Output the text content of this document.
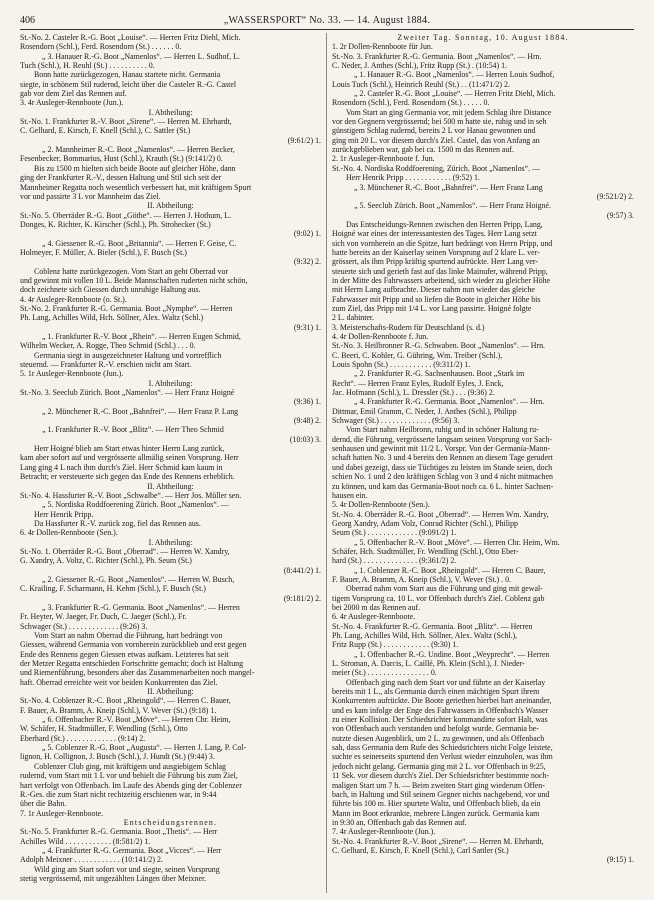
406	„WASSERSPORT“ No. 33. — 14. August 1884.

St.-No. 2. Casteler R.-G. Boot „Louise“. — Herren Fritz Diehl, Mich.

Rosendorn (Schl.), Ferd. Rosendorn (St.) . . . . . . 0.

„ 3. Hanauer R.-G. Boot „Namenlos“. — Herren L. Sudhof, L.

Tuch (Schl.), H. Reuhl (St.) . . . . . . . . . . 0.

Bonn hatte zurückgezogen, Hanau startete nicht. Germania

siegte, in schönem Stil rudernd, leicht über die Casteler R.-G. Castel

gab vor dem Ziel das Rennen auf.

3. 4r Ausleger-Rennboote (Jun.).

I. Abtheilung:

St.-No. 1. Frankfurter R.-V. Boot „Sirene“. — Herren M. Ehrhardt,

C. Gelhard, E. Kirsch, F. Knell (Schl.), C. Sattler (St.)

(9:61/2) 1.

„ 2. Mannheimer R.-C. Boot „Namenlos“. — Herren Becker,

Fesenbecker, Bommarius, Hust (Schl.), Krauth (St.) (9:141/2) 0.

Bis zu 1500 m hielten sich beide Boote auf gleicher Höhe, dann

ging der Frankfurter R.-V., dessen Haltung und Stil sich seit der

Mannheimer Regatta noch wesentlich verbessert hat, mit kräftigem Spurt

vor und passirte 3 L vor Mannheim das Ziel.

II. Abtheilung:

St.-No. 5. Oberräder R.-G. Boot „Göthe“. — Herren J. Hothum, L.

Donges, K. Richter, K. Kirscher (Schl.), Ph. Strohecker (St.)

(9:02) 1.

„ 4. Giessener R.-G. Boot „Britannia“. — Herren F. Geise, C.

Holmeyer, F. Müller, A. Bieler (Schl.), F. Busch (St.)

(9:32) 2.

Coblenz hatte zurückgezogen. Vom Start an geht Oberrad vor

und gewinnt mit vollen 10 L. Beide Mannschaften ruderten nicht schön,

doch zeichnete sich Giessen durch unruhige Haltung aus.

4. 4r Ausleger-Rennboote (o. St.).

St.-No. 2. Frankfurter R.-G. Germania. Boot „Nymphe“. — Herren

Ph. Lang, Achilles Wild, Hch. Söllner, Alex. Waltz (Schl.)

(9:31) 1.

„ 1. Frankfurter R.-V. Boot „Rhein“. — Herren Eugen Schmid,

Wilhelm Wecker, A. Rogge, Theo Schmid (Schl.) . . . 0.

Germania siegt in ausgezeichneter Haltung und vortrefflich

steuernd. — Frankfurter R.-V. erschien nicht am Start.

5. 1r Ausleger-Rennboote (Jun.).

I. Abtheilung:

St.-No. 3. Seeclub Zürich. Boot „Namenlos“. — Herr Franz Hoigné

(9:36) 1.

„ 2. Münchener R.-C. Boot „Bahnfrei“. — Herr Franz P. Lang

(9:48) 2.

„ 1. Frankfurter R.-V. Boot „Blitz“. — Herr Theo Schmid

(10:03) 3.

Herr Hoigné blieb am Start etwas hinter Herrn Lang zurück,

kam aber sofort auf und vergrösserte allmälig seinen Vorsprung. Herr

Lang ging 4 L nach ihm durch's Ziel. Herr Schmid kam kaum in

Betracht; er versteuerte sich gegen das Ende des Rennens erheblich.

II. Abtheilung:

St.-No. 4. Hassfurter R.-V. Boot „Schwalbe“. — Herr Jos. Müller sen.

„ 5. Nordiska Roddfoerening Zürich. Boot „Namenlos“. —

Herr Henrik Pripp.

Da Hassfurter R.-V. zurück zog, fiel das Rennen aus.

6. 4r Dollen-Rennboote (Sen.).

I. Abtheilung:

St.-No. 1. Oberräder R.-G. Boot „Oberrad“. — Herren W. Xandry,

G. Xandry, A. Voltz, C. Richter (Schl.), Ph. Seum (St.)

(8:441/2) 1.

„ 2. Giessener R.-G. Boot „Namenlos“. — Herren W. Busch,

C. Krailing, F. Scharmann, H. Kehm (Schl.), F. Busch (St.)

(9:181/2) 2.

„ 3. Frankfurter R.-G. Germania. Boot „Namenlos“. — Herren

Fr. Heyter, W. Jaeger, Fr. Duch, C. Jaeger (Schl.), Fr.

Schwager (St.) . . . . . . . . . . . . . (9:26) 3.

Vom Start an nahm Oberrad die Führung, hart bedrängt von

Giessen, während Germania von vornherein zurückblieb und erst gegen

Ende des Rennens gegen Giessen etwas aufkam. Letzteres hat seit

der Metzer Regatta entschieden Fortschritte gemacht; doch ist Haltung

und Riemenführung, besonders aber das Zusammenarbeiten noch mangel-

haft. Oberrad erreichte weit vor beiden Konkurrenten das Ziel.

II. Abtheilung:

St.-No. 4. Coblenzer R.-C. Boot „Rheingold“. — Herren C. Bauer,

F. Bauer, A. Bramm, A. Kneip (Schl.), V. Wever (St.) (9:18) 1.

„ 6. Offenbacher R.-V. Boot „Möve“. — Herren Chr. Heim,

W. Schäfer, H. Stadtmüller, F. Wendling (Schl.), Otto

Eberhard (St.) . . . . . . . . . . . . . (9:14) 2.

„ 5. Coblenzer R.-G. Boot „Augusta“. — Herren J. Lang, P. Col-

lignon, H. Collignon, J. Busch (Schl.), J. Hundt (St.) (9:44) 3.

Coblenzer Club ging, mit kräftigem und ausgiebigem Schlag

rudernd, vom Start mit 1 L vor und behielt die Führung bis zum Ziel,

hart verfolgt von Offenbach. Im Laufe des Abends ging der Coblenzer

R.-Ges. die zum Start nicht rechtzeitig erschienen war, in 9:44

über die Bahn.

7. 1r Ausleger-Rennboote.

Entscheidungsrennen.

St.-No. 5. Frankfurter R.-G. Germania. Boot „Thetis“. — Herr

Achilles Wild . . . . . . . . . . . . (8:581/2) 1.

„ 4. Frankfurter R.-G. Germania. Boot „Vicces“. — Herr

Adolph Meixner . . . . . . . . . . . . (10:141/2) 2.

Wild ging am Start sofort vor und siegte, seinen Vorsprung

stetig vergrössernd, mit ungezählten Längen über Meixner.

Zweiter Tag. Sonntag, 10. August 1884.

1. 2r Dollen-Rennboote für Jun.

St.-No. 3. Frankfurter R.-G. Germania. Boot „Namenlos“. — Hrn.

C. Neder, J. Anthes (Schl.), Fritz Rupp (St.) . (10:54) 1.

„ 1. Hanauer R.-G. Boot „Namenlos“. — Herren Louis Sudhof,

Louis Tuch (Schl.), Heinrich Reuhl (St.) . . (11:471/2) 2.

„ 2. Casteler R.-G. Boot „Louise“. — Herren Fritz Diehl, Mich.

Rosendorn (Schl.), Ferd. Rosendorn (St.) . . . . . 0.

Vom Start an ging Germania vor, mit jedem Schlag ihre Distance

vor den Gegnern vergrössernd; bei 500 m hatte sie, ruhig und in seh

günstigem Schlag rudernd, bereits 2 L vor Hanau gewonnen und

ging mit 20 L. vor diesem durch's Ziel. Castel, das von Anfang an

zurückgeblieben war, gab bei ca. 1500 m das Rennen auf.

2. 1r Ausleger-Rennboote f. Jun.

St.-No. 4. Nordiska Roddfoerening, Zürich. Boot „Namenlos“. —

Herr Henrik Pripp . . . . . . . . . . . . (9:52) 1.

„ 3. Münchener R.-C. Boot „Bahnfrei“. — Herr Franz Lang

(9:521/2) 2.

„ 5. Seeclub Zürich. Boot „Namenlos“. — Herr Franz Hoigné.

(9:57) 3.

Das Entscheidungs-Rennen zwischen den Herren Pripp, Lang,

Hoigné war eines der interessantesten des Tages. Herr Lang setzt

sich von vornherein an die Spitze, hart bedrängt von Herrn Pripp, und

hatte bereits an der Kaiserlay seinen Vorsprung auf 2 klare L. ver-

grössert, als ihm Pripp kräftig spurtend aufrückte. Herr Lang ver-

steuerte sich und gerieth fast auf das linke Mainufer, während Pripp,

in der Mitte des Fahrwassers arbeitend, sich wieder zu gleicher Höhe

mit Herrn Lang aufbrachte. Dieser nahm nun wieder das gleiche

Fahrwasser mit Pripp und so liefen die Boote in gleicher Höhe bis

zum Ziel, das Pripp mit 1/4 L. vor Lang passirte. Hoigné folgte

2 L. dahinter.

3. Meisterschafts-Rudern für Deutschland (s. d.)

4. 4r Dollen-Rennboote f. Jun.

St.-No. 3. Heilbronner R.-G. Schwaben. Boot „Namenlos“. — Hrn.

C. Beeri, C. Kohler, G. Gühring, Wm. Treiber (Schl.),

Louis Spohn (St.) . . . . . . . . . . . (9:311/2) 1.

„ 2. Frankfurter R.-G. Sachsenhausen. Boot „Stark im

Recht“. — Herren Franz Eyles, Rudolf Eyles, J. Enck,

Jac. Hofmann (Schl.), L. Dressler (St.) . . . (9:36) 2.

„ 4. Frankfurter R.-G. Germania. Boot „Namenlos“. — Hrn.

Dittmar, Emil Gramm, C. Neder, J. Anthes (Schl.), Philipp

Schwager (St.) . . . . . . . . . . . . . (9:56) 3.

Vom Start nahm Heilbronn, ruhig und in schöner Haltung ru-

dernd, die Führung, vergrösserte langsam seinen Vorsprung vor Sach-

senhausen und gewinnt mit 11/2 L. Vorspr. Von der Germania-Mann-

schaft hatten No. 3 und 4 bereits den Rennen an diesem Tage gerudert

und dabei gezeigt, dass sie Tüchtiges zu leisten im Stande seien, doch

schien No. 1 und 2 den kräftigen Schlag von 3 und 4 nicht mitmachen

zu können, und kam das Germania-Boot noch ca. 6 L. hinter Sachsen-

hausen ein.

5. 4r Dollen-Rennboote (Sen.).

St.-No. 4. Oberräder R.-G. Boot „Oberrad“. — Herren Wm. Xandry,

Georg Xandry, Adam Volz, Conrad Richter (Schl.), Philipp

Seum (St.) . . . . . . . . . . . . . (9:091/2) 1.

„ 5. Offenbacher R.-V. Boot „Möve“. — Herren Chr. Heim, Wm.

Schäfer, Hch. Stadtmüller, Fr. Wendling (Schl.), Otto Eber-

hard (St.) . . . . . . . . . . . . . . (9:361/2) 2.

„ 1. Coblenzer R.-C. Boot „Rheingold“. — Herren C. Bauer,

F. Bauer, A. Bramm, A. Kneip (Schl.), V. Wever (St.) . 0.

Oberrad nahm vom Start aus die Führung und ging mit gewal-

tigem Vorsprung ca. 10 L. vor Offenbach durch's Ziel. Coblenz gab

bei 2000 m das Rennen auf.

6. 4r Ausleger-Rennboote.

St.-No. 4. Frankfurter R.-G. Germania. Boot „Blitz“. — Herren

Ph. Lang, Achilles Wild, Hch. Söllner, Alex. Waltz (Schl.),

Fritz Rupp (St.) . . . . . . . . . . . . (9:30) 1.

„ 1. Offenbacher R.-G. Undine. Boot „Weyprecht“. — Herren

L. Stroman, A. Darcis, L. Caillé, Ph. Klein (Schl.), J. Nieder-

meier (St.) . . . . . . . . . . . . . . . . 0.

Offenbach ging nach dem Start vor und führte an der Kaiserlay

bereits mit 1 L., als Germania durch einen mächtigen Spurt ihrem

Konkurrenten aufrückte. Die Boote geriethen hierbei hart aneinander,

und es kam infolge der Enge des Fahrwassers in Offenbach's Wasser

zu einer Kollision. Der Schiedsrichter kommandirte sofort Halt, was

von Offenbach auch verstanden und befolgt wurde. Germania be-

nutzte diesen Augenblick, um 2 L. zu gewinnen, und als Offenbach

sah, dass Germania dem Rufe des Schiedsrichters nicht Folge leistete,

suchte es seinerseits spurtend den Verlust wieder einzuholen, was ihm

jedoch nicht gelang. Germania ging mit 2 L. vor Offenbach in 9:25,

11 Sek. vor diesem durch's Ziel. Der Schiedsrichter bestimmte noch-

maligen Start um 7 h. — Beim zweiten Start ging wiederum Offen-

bach, in Haltung und Stil seinem Gegner nichts nachgebend, vor und

führte bis 100 m. Hier spurtete Waltz, und Offenbach blieb, da ein

Mann im Boot erkrankte, mehrere Längen zurück. Germania kam

in 9:30 an, Offenbach gab das Rennen auf.

7. 4r Ausleger-Rennboote (Jun.).

St.-No. 4. Frankfurter R.-V. Boot „Sirene“. — Herren M. Ehrhardt,

C. Gelhard, E. Kirsch, F. Knell (Schl.), Carl Sattler (St.)

(9:15) 1.
